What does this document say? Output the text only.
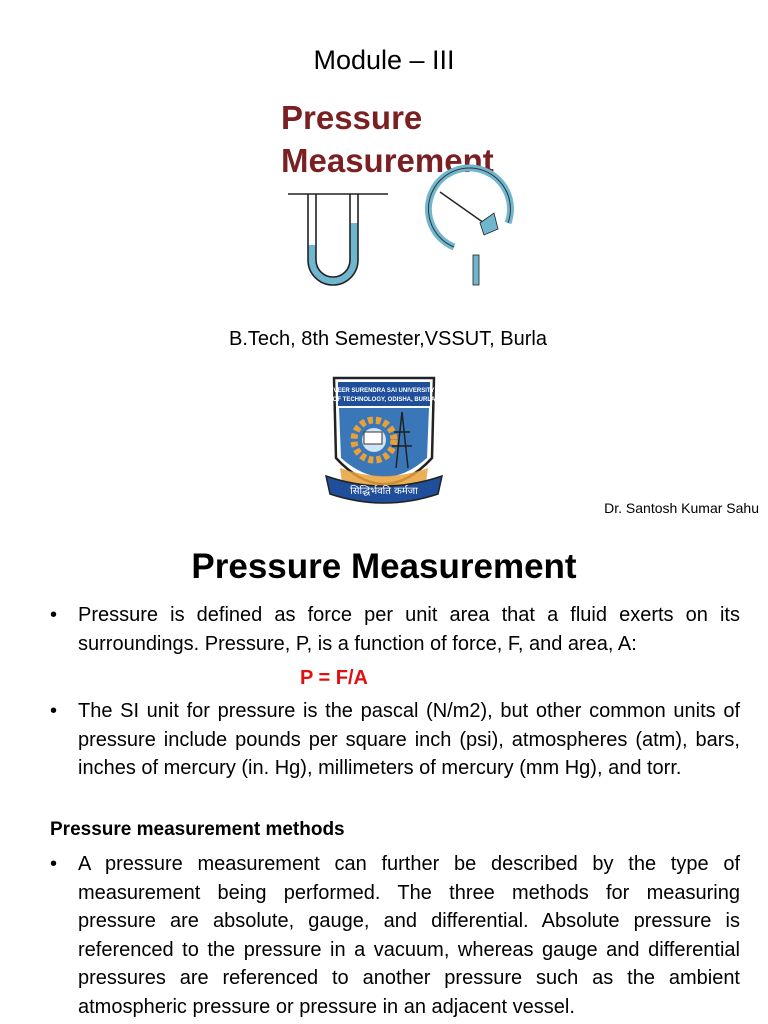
Module – III
Pressure
Measurement
B.Tech, 8th Semester,VSSUT, Burla
VEER SURENDRA SAI UNIVERSITY
OF TECHNOLOGY, ODISHA, BURLA
सिद्धिर्भवति कर्मजा
Dr. Santosh Kumar Sahu
Pressure Measurement
• Pressure is defined as force per unit area that a fluid exerts on its surroundings. Pressure, P, is a function of force, F, and area, A:
P = F/A
• The SI unit for pressure is the pascal (N/m2), but other common units of pressure include pounds per square inch (psi), atmospheres (atm), bars, inches of mercury (in. Hg), millimeters of mercury (mm Hg), and torr.
Pressure measurement methods
• A pressure measurement can further be described by the type of measurement being performed. The three methods for measuring pressure are absolute, gauge, and differential. Absolute pressure is referenced to the pressure in a vacuum, whereas gauge and differential pressures are referenced to another pressure such as the ambient atmospheric pressure or pressure in an adjacent vessel.
